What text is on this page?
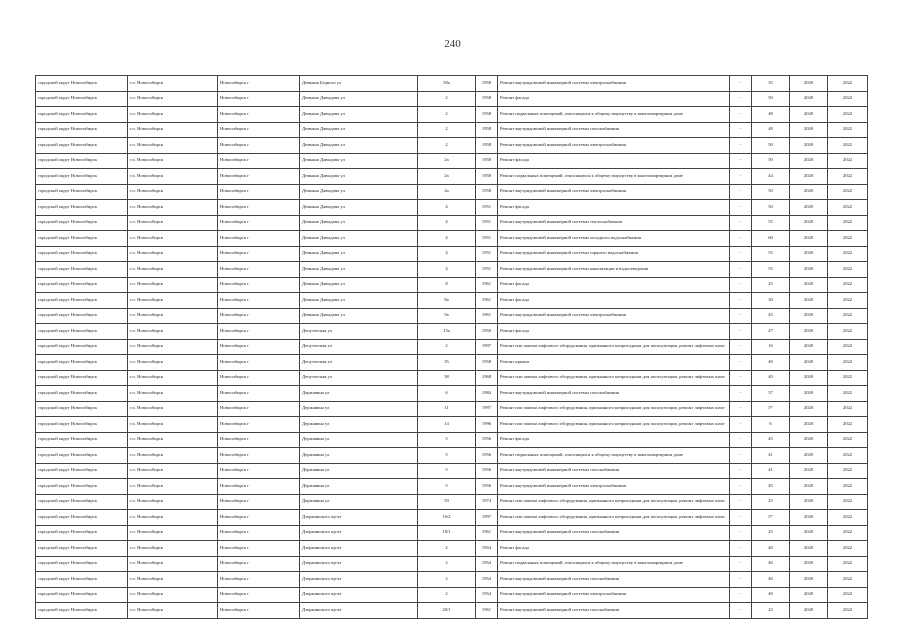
240
городской округ Новосибирск	г.о. Новосибирск	Новосибирск г	Демьяна Бедного ул	38а	1958	Ремонт внутридомовой инженерной системы электроснабжения	-	35	2020	2022
городской округ Новосибирск	г.о. Новосибирск	Новосибирск г	Демьяна Давыдова ул	2	1958	Ремонт фасада	-	50	2020	2022
городской округ Новосибирск	г.о. Новосибирск	Новосибирск г	Демьяна Давыдова ул	2	1958	Ремонт подвальных помещений, относящихся к общему имуществу в многоквартирном доме	-	48	2020	2022
городской округ Новосибирск	г.о. Новосибирск	Новосибирск г	Демьяна Давыдова ул	2	1958	Ремонт внутридомовой инженерной системы газоснабжения	-	48	2020	2022
городской округ Новосибирск	г.о. Новосибирск	Новосибирск г	Демьяна Давыдова ул	2	1958	Ремонт внутридомовой инженерной системы электроснабжения	-	50	2020	2022
городской округ Новосибирск	г.о. Новосибирск	Новосибирск г	Демьяна Давыдова ул	2а	1958	Ремонт фасада	-	50	2020	2022
городской округ Новосибирск	г.о. Новосибирск	Новосибирск г	Демьяна Давыдова ул	2а	1958	Ремонт подвальных помещений, относящихся к общему имуществу в многоквартирном доме	-	44	2020	2022
городской округ Новосибирск	г.о. Новосибирск	Новосибирск г	Демьяна Давыдова ул	2а	1958	Ремонт внутридомовой инженерной системы электроснабжения	-	50	2020	2022
городской округ Новосибирск	г.о. Новосибирск	Новосибирск г	Демьяна Давыдова ул	4	1951	Ремонт фасада	-	50	2020	2022
городской округ Новосибирск	г.о. Новосибирск	Новосибирск г	Демьяна Давыдова ул	4	1951	Ремонт внутридомовой инженерной системы теплоснабжения	-	55	2020	2022
городской округ Новосибирск	г.о. Новосибирск	Новосибирск г	Демьяна Давыдова ул	4	1951	Ремонт внутридомовой инженерной системы холодного водоснабжения	-	60	2020	2022
городской округ Новосибирск	г.о. Новосибирск	Новосибирск г	Демьяна Давыдова ул	4	1951	Ремонт внутридомовой инженерной системы горячего водоснабжения	-	55	2020	2022
городской округ Новосибирск	г.о. Новосибирск	Новосибирск г	Демьяна Давыдова ул	4	1951	Ремонт внутридомовой инженерной системы канализации и водоотведения	-	55	2020	2022
городской округ Новосибирск	г.о. Новосибирск	Новосибирск г	Демьяна Давыдова ул	8	1961	Ремонт фасада	-	25	2020	2022
городской округ Новосибирск	г.о. Новосибирск	Новосибирск г	Демьяна Давыдова ул	8а	1961	Ремонт фасада	-	30	2020	2022
городской округ Новосибирск	г.о. Новосибирск	Новосибирск г	Демьяна Давыдова ул	9а	1961	Ремонт внутридомовой инженерной системы электроснабжения	-	45	2020	2022
городской округ Новосибирск	г.о. Новосибирск	Новосибирск г	Депутатская ул	15а	1950	Ремонт фасада	-	47	2020	2022
городской округ Новосибирск	г.о. Новосибирск	Новосибирск г	Депутатская ул	2	1997	Ремонт или замена лифтового оборудования, признанного непригодным для эксплуатации, ремонт лифтовых шахт	-	16	2020	2022
городской округ Новосибирск	г.о. Новосибирск	Новосибирск г	Депутатская ул	35	1958	Ремонт крыши	-	40	2020	2022
городской округ Новосибирск	г.о. Новосибирск	Новосибирск г	Депутатская ул	38	1968	Ремонт или замена лифтового оборудования, признанного непригодным для эксплуатации, ремонт лифтовых шахт	-	40	2020	2022
городской округ Новосибирск	г.о. Новосибирск	Новосибирск г	Державина ул	6	1984	Ремонт внутридомовой инженерной системы газоснабжения	-	37	2020	2022
городской округ Новосибирск	г.о. Новосибирск	Новосибирск г	Державина ул	11	1997	Ремонт или замена лифтового оборудования, признанного непригодным для эксплуатации, ремонт лифтовых шахт	-	5*	2020	2022
городской округ Новосибирск	г.о. Новосибирск	Новосибирск г	Державина ул	14	1996	Ремонт или замена лифтового оборудования, признанного непригодным для эксплуатации, ремонт лифтовых шахт	-	6	2020	2022
городской округ Новосибирск	г.о. Новосибирск	Новосибирск г	Державина ул	5	1956	Ремонт фасада	-	45	2020	2022
городской округ Новосибирск	г.о. Новосибирск	Новосибирск г	Державина ул	5	1956	Ремонт подвальных помещений, относящихся к общему имуществу в многоквартирном доме	-	41	2020	2022
городской округ Новосибирск	г.о. Новосибирск	Новосибирск г	Державина ул	5	1956	Ремонт внутридомовой инженерной системы газоснабжения	-	41	2020	2022
городской округ Новосибирск	г.о. Новосибирск	Новосибирск г	Державина ул	5	1956	Ремонт внутридомовой инженерной системы электроснабжения	-	45	2020	2022
городской округ Новосибирск	г.о. Новосибирск	Новосибирск г	Державина ул	59	1974	Ремонт или замена лифтового оборудования, признанного непригодным для эксплуатации, ремонт лифтовых шахт	-	23	2020	2022
городской округ Новосибирск	г.о. Новосибирск	Новосибирск г	Дзержинского пр-кт	16/2	1997	Ремонт или замена лифтового оборудования, признанного непригодным для эксплуатации, ремонт лифтовых шахт	-	5*	2020	2022
городской округ Новосибирск	г.о. Новосибирск	Новосибирск г	Дзержинского пр-кт	18/1	1961	Ремонт внутридомовой инженерной системы газоснабжения	-	25	2020	2022
городской округ Новосибирск	г.о. Новосибирск	Новосибирск г	Дзержинского пр-кт	2	1954	Ремонт фасада	-	40	2020	2022
городской округ Новосибирск	г.о. Новосибирск	Новосибирск г	Дзержинского пр-кт	2	1954	Ремонт подвальных помещений, относящихся к общему имуществу в многоквартирном доме	-	40	2020	2022
городской округ Новосибирск	г.о. Новосибирск	Новосибирск г	Дзержинского пр-кт	2	1954	Ремонт внутридомовой инженерной системы газоснабжения	-	40	2020	2022
городской округ Новосибирск	г.о. Новосибирск	Новосибирск г	Дзержинского пр-кт	2	1954	Ремонт внутридомовой инженерной системы электроснабжения	-	40	2020	2022
городской округ Новосибирск	г.о. Новосибирск	Новосибирск г	Дзержинского пр-кт	20/1	1961	Ремонт внутридомовой инженерной системы газоснабжения	-	22	2020	2022
